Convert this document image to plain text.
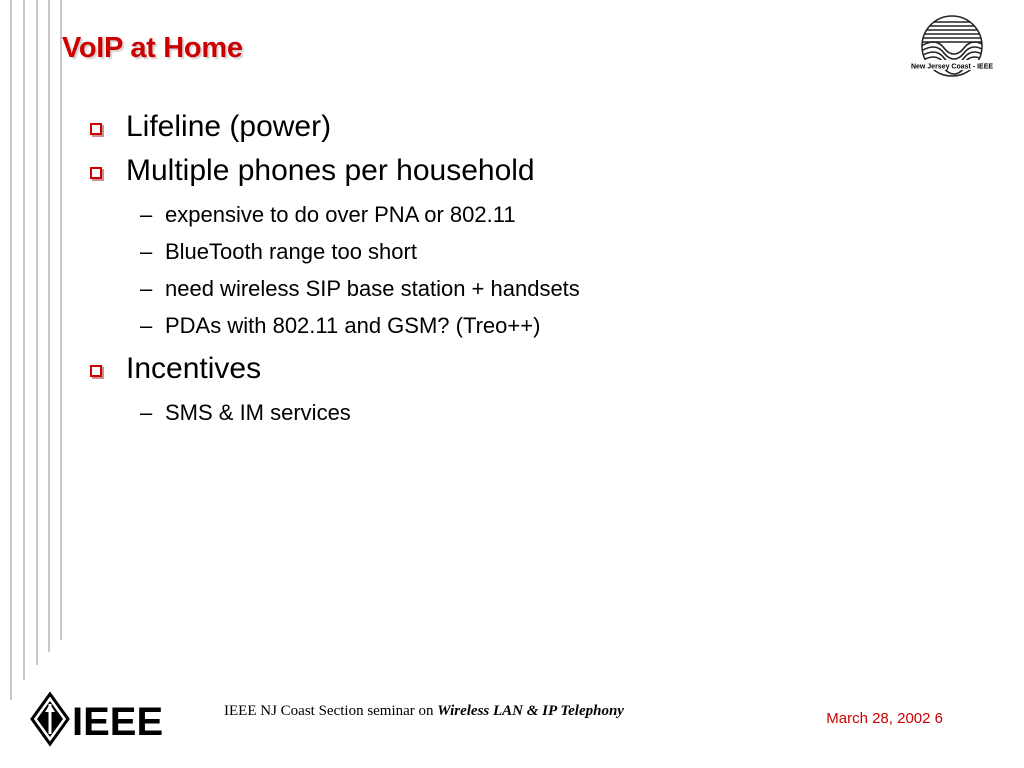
VoIP at Home
New Jersey Coast - IEEE
Lifeline (power)
Multiple phones per household
– expensive to do over PNA or 802.11
– BlueTooth range too short
– need wireless SIP base station + handsets
– PDAs with 802.11 and GSM? (Treo++)
Incentives
– SMS & IM services
IEEE	IEEE NJ Coast Section seminar on Wireless LAN & IP Telephony	March 28, 2002 6
